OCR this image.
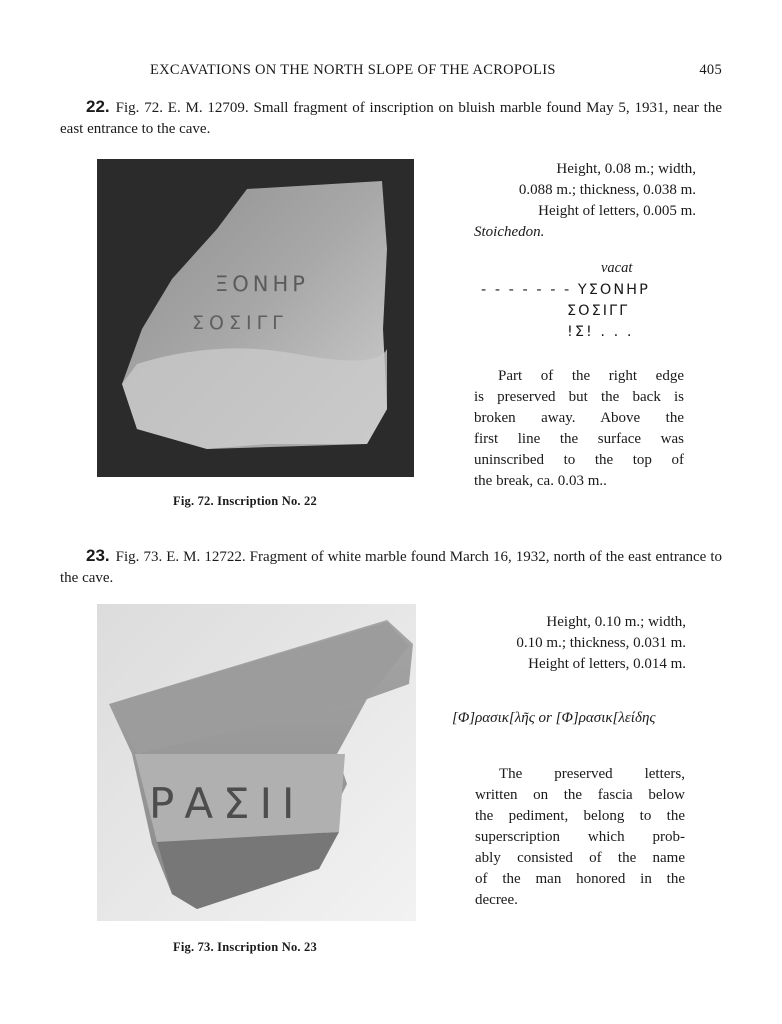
EXCAVATIONS ON THE NORTH SLOPE OF THE ACROPOLIS	405
22. Fig. 72. E. M. 12709. Small fragment of inscription on bluish marble found May 5, 1931, near the east entrance to the cave.
ΞΟΝΗΡ
ΣΟΣΙΓΓ
Fig. 72. Inscription No. 22
Height, 0.08 m.; width,
0.088 m.; thickness, 0.038 m.
Height of letters, 0.005 m.
Stoichedon.
vacat
- - - - - - - ΥΣΟΝΗΡ
ΣΟΣΙΓΓ
!Σ! . . .
Part of the right edge
is preserved but the back is
broken away. Above the
first line the surface was
uninscribed to the top of
the break, ca. 0.03 m..
23. Fig. 73. E. M. 12722. Fragment of white marble found March 16, 1932, north of the east entrance to the cave.
ΡΑΣΙΙ
Fig. 73. Inscription No. 23
Height, 0.10 m.; width,
0.10 m.; thickness, 0.031 m.
Height of letters, 0.014 m.
[Φ]ρασικ[λῆς or [Φ]ρασικ[λείδης
The preserved letters,
written on the fascia below
the pediment, belong to the
superscription which prob-
ably consisted of the name
of the man honored in the
decree.
